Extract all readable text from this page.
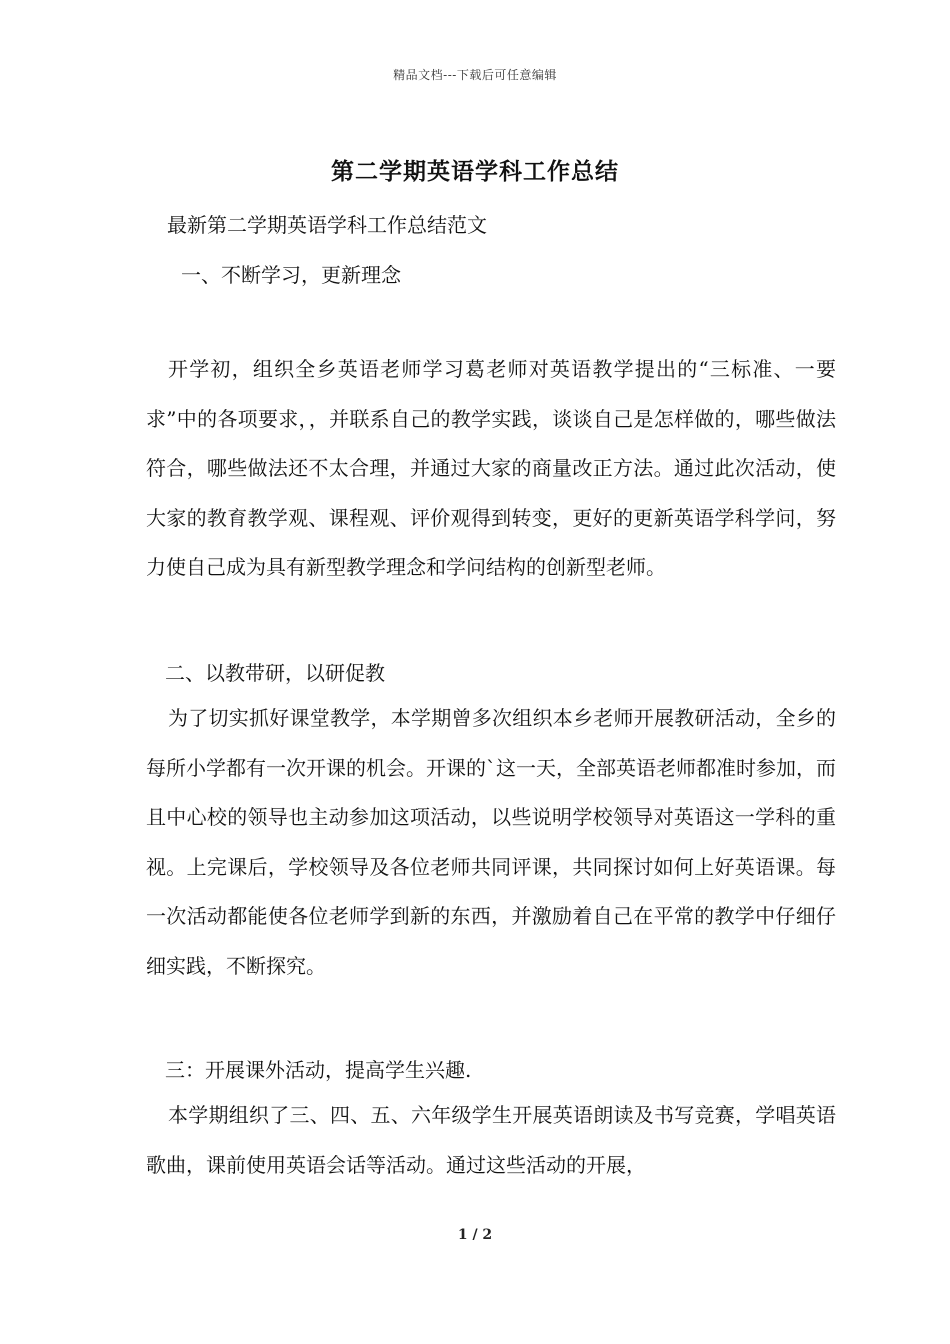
精品文档---下载后可任意编辑
第二学期英语学科工作总结
最新第二学期英语学科工作总结范文
一、不断学习，更新理念

开学初，组织全乡英语老师学习葛老师对英语教学提出的“三标准、一要求”中的各项要求，，并联系自己的教学实践，谈谈自己是怎样做的，哪些做法符合，哪些做法还不太合理，并通过大家的商量改正方法。通过此次活动，使大家的教育教学观、课程观、评价观得到转变，更好的更新英语学科学问，努力使自己成为具有新型教学理念和学问结构的创新型老师。

二、以教带研，以研促教

为了切实抓好课堂教学，本学期曾多次组织本乡老师开展教研活动，全乡的每所小学都有一次开课的机会。开课的`这一天，全部英语老师都准时参加，而且中心校的领导也主动参加这项活动，以些说明学校领导对英语这一学科的重视。上完课后，学校领导及各位老师共同评课，共同探讨如何上好英语课。每一次活动都能使各位老师学到新的东西，并激励着自己在平常的教学中仔细仔细实践，不断探究。

三：开展课外活动，提高学生兴趣.

本学期组织了三、四、五、六年级学生开展英语朗读及书写竞赛，学唱英语歌曲，课前使用英语会话等活动。通过这些活动的开展，

1 / 2
